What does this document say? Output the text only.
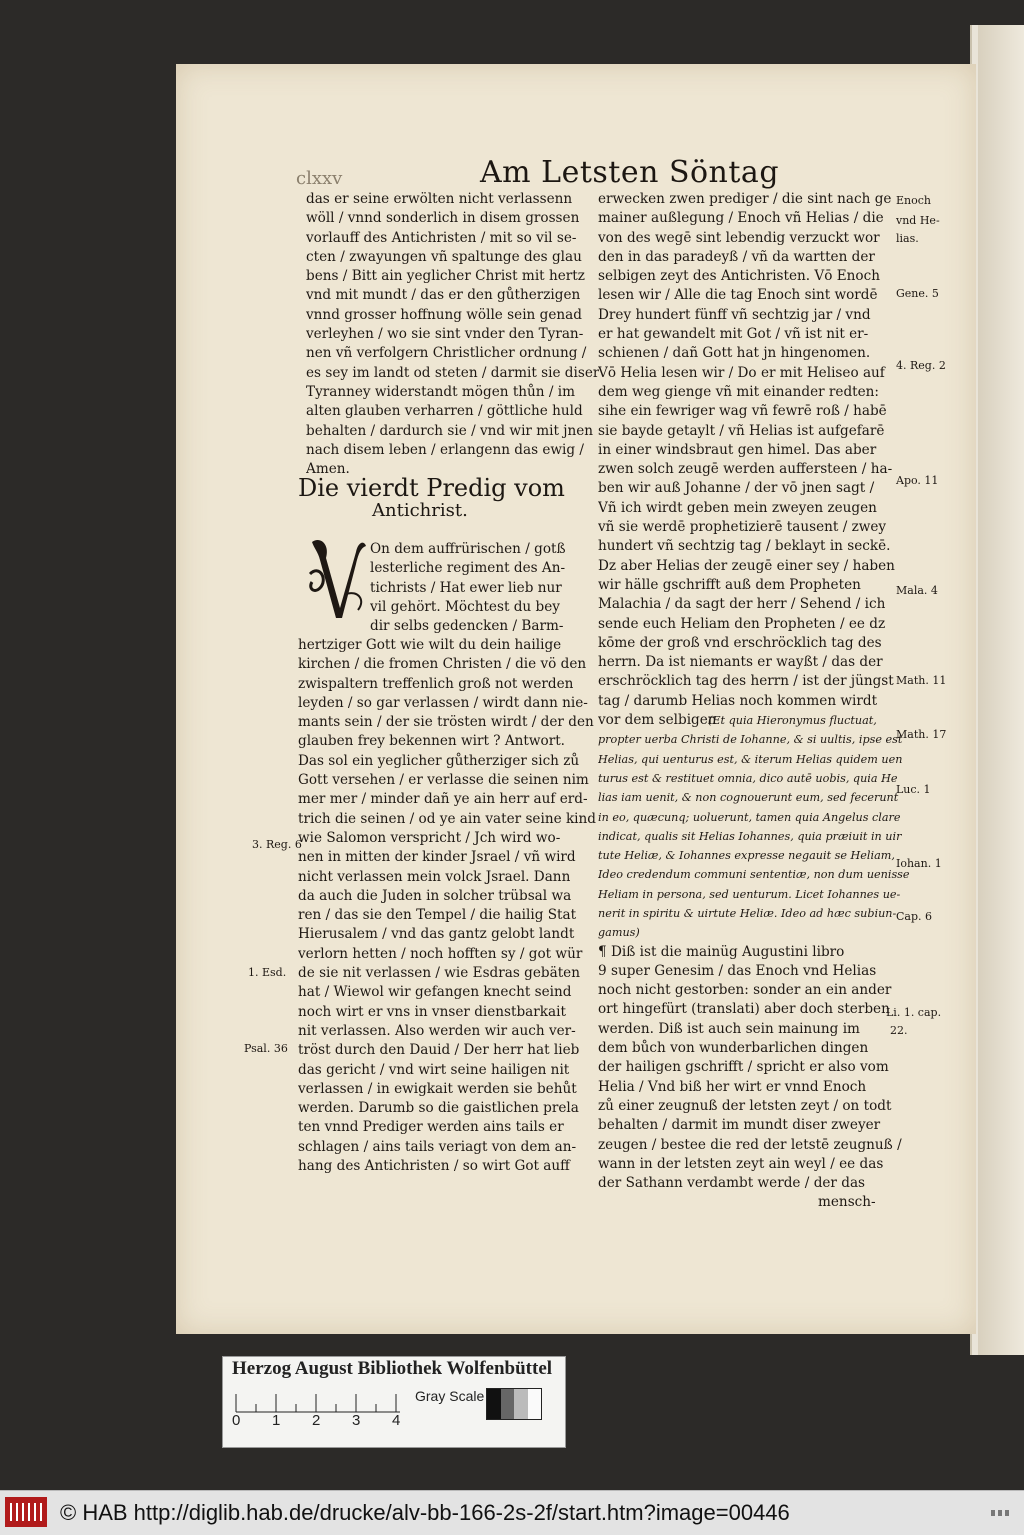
clxxv	Am Letsten Söntag
das er seine erwölten nicht verlassenn
wöll / vnnd sonderlich in disem grossen
vorlauff des Antichristen / mit so vil se-
cten / zwayungen vñ spaltunge des glau
bens / Bitt ain yeglicher Christ mit hertz
vnd mit mundt / das er den gůtherzigen
vnnd grosser hoffnung wölle sein genad
verleyhen / wo sie sint vnder den Tyran-
nen vñ verfolgern Christlicher ordnung /
es sey im landt od steten / darmit sie diser
Tyranney widerstandt mögen thůn / im
alten glauben verharren / göttliche huld
behalten / dardurch sie / vnd wir mit jnen
nach disem leben / erlangenn das ewig /
Amen.
Die vierdt Predig vom
Antichrist.
On dem auffrürischen / gotß
lesterliche regiment des An-
tichrists / Hat ewer lieb nur
vil gehört. Möchtest du bey
dir selbs gedencken / Barm-
hertziger Gott wie wilt du dein hailige
kirchen / die fromen Christen / die vö den
zwispaltern treffenlich groß not werden
leyden / so gar verlassen / wirdt dann nie-
mants sein / der sie trösten wirdt / der den
glauben frey bekennen wirt ? Antwort.
Das sol ein yeglicher gůtherziger sich zů
Gott versehen / er verlasse die seinen nim
mer mer / minder dañ ye ain herr auf erd-
trich die seinen / od ye ain vater seine kind
wie Salomon verspricht / Jch wird wo-
nen in mitten der kinder Jsrael / vñ wird
nicht verlassen mein volck Jsrael. Dann
da auch die Juden in solcher trübsal wa
ren / das sie den Tempel / die hailig Stat
Hierusalem / vnd das gantz gelobt landt
verlorn hetten / noch hofften sy / got wür
de sie nit verlassen / wie Esdras gebäten
hat / Wiewol wir gefangen knecht seind
noch wirt er vns in vnser dienstbarkait
nit verlassen. Also werden wir auch ver-
tröst durch den Dauid / Der herr hat lieb
das gericht / vnd wirt seine hailigen nit
verlassen / in ewigkait werden sie behůt
werden. Darumb so die gaistlichen prela
ten vnnd Prediger werden ains tails er
schlagen / ains tails veriagt von dem an-
hang des Antichristen / so wirt Got auff
erwecken zwen prediger / die sint nach ge
mainer außlegung / Enoch vñ Helias / die
von des wegē sint lebendig verzuckt wor
den in das paradeyß / vñ da wartten der
selbigen zeyt des Antichristen. Vō Enoch
lesen wir / Alle die tag Enoch sint wordē
Drey hundert fünff vñ sechtzig jar / vnd
er hat gewandelt mit Got / vñ ist nit er-
schienen / dañ Gott hat jn hingenomen.
Vō Helia lesen wir / Do er mit Heliseo auf
dem weg gienge vñ mit einander redten:
sihe ein fewriger wag vñ fewrē roß / habē
sie bayde getaylt / vñ Helias ist aufgefarē
in einer windsbraut gen himel. Das aber
zwen solch zeugē werden auffersteen / ha-
ben wir auß Johanne / der vō jnen sagt /
Vñ ich wirdt geben mein zweyen zeugen
vñ sie werdē prophetizierē tausent / zwey
hundert vñ sechtzig tag / beklayt in seckē.
Dz aber Helias der zeugē einer sey / haben
wir hälle gschrifft auß dem Propheten
Malachia / da sagt der herr / Sehend / ich
sende euch Heliam den Propheten / ee dz
kōme der groß vnd erschröcklich tag des
herrn. Da ist niemants er wayßt / das der
erschröcklich tag des herrn / ist der jüngst
tag / darumb Helias noch kommen wirdt
vor dem selbigen
(Et quia Hieronymus fluctuat,
propter uerba Christi de Iohanne, & si uultis, ipse est
Helias, qui uenturus est, & iterum Helias quidem uen
turus est & restituet omnia, dico autē uobis, quia He
lias iam uenit, & non cognouerunt eum, sed fecerunt
in eo, quæcunq; uoluerunt, tamen quia Angelus clare
indicat, qualis sit Helias Iohannes, quia præiuit in uir
tute Heliæ, & Iohannes expresse negauit se Heliam,
Ideo credendum communi sententiæ, non dum uenisse
Heliam in persona, sed uenturum. Licet Iohannes ue-
nerit in spiritu & uirtute Heliæ. Ideo ad hæc subiun-
gamus)
¶ Diß ist die mainüg Augustini libro
9 super Genesim / das Enoch vnd Helias
noch nicht gestorben: sonder an ein ander
ort hingefürt (translati) aber doch sterben
werden. Diß ist auch sein mainung im
dem bůch von wunderbarlichen dingen
der hailigen gschrifft / spricht er also vom
Helia / Vnd biß her wirt er vnnd Enoch
zů einer zeugnuß der letsten zeyt / on todt
behalten / darmit im mundt diser zweyer
zeugen / bestee die red der letstē zeugnuß /
wann in der letsten zeyt ain weyl / ee das
der Sathann verdambt werde / der das
mensch-
Enoch
vnd He-
lias.
Gene. 5
4. Reg. 2
Apo. 11
Mala. 4
Math. 11
Math. 17
Luc. 1
Iohan. 1
Cap. 6
Li. 1. cap.
22.
3. Reg. 6
1. Esd.
Psal. 36
Herzog August Bibliothek Wolfenbüttel
Gray Scale
0 1 2 3 4
© HAB http://diglib.hab.de/drucke/alv-bb-166-2s-2f/start.htm?image=00446
